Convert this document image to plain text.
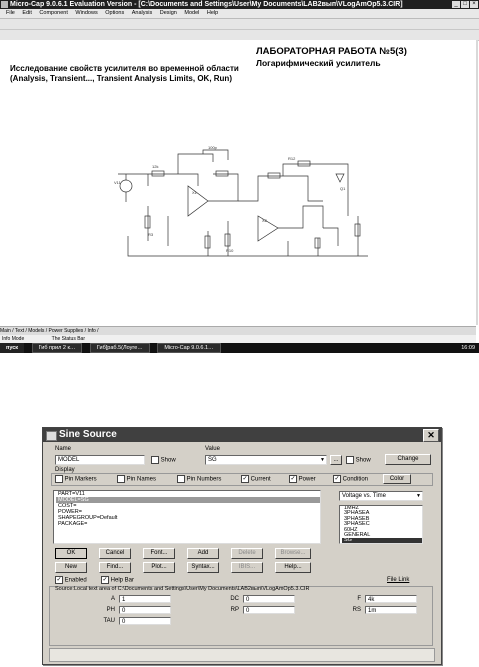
Micro-Cap 9.0.6.1 Evaluation Version - [C:\Documents and Settings\User\My Documents\LAB2вып\VLogAmOp5.3.CIR]	_ □ ×
File Edit Component Windows Options Analysis Design Model Help
ЛАБОРАТОРНАЯ РАБОТА №5(3)
Логарифмический усилитель
Исследование свойств усилителя во временной области (Analysis, Transient..., Transient Analysis Limits, OK, Run)
V11
12k
100p
X1
X2
R12
Q1
R3
R10
Main / Text / Models / Power Supplies / Info /
Info Mode	The Status Bar
пуск	Гиб прил 2 к…	Гиб[раб.5(Лоуге…	Micro-Cap 9.0.6.1…	16:09
Sine Source	✕
Name
MODEL	Show
Value
SG	▼	...	Show	Change
Display
Pin Markers	Pin Names	Pin Numbers	✓ Current	✓ Power	✓ Condition	Color
PART=V11
MODEL=SG
COST=
POWER=
SHAPEGROUP=Default
PACKAGE=
Voltage vs. Time	▼
1MHZ
3PHASEA
3PHASEB
3PHASEC
60HZ
GENERAL
SG
OK	Cancel	Font...	Add	Delete	Browse...
New	Find...	Plot...	Syntax...	IBIS...	Help...
✓ Enabled	✓ Help Bar	File Link
Source:Local text area of C:\Documents and Settings\User\My Documents\LAB2вып\VLogAmOp5.3.CIR
A	1	DC	0	F	4k
PH	0	RP	0	RS	1m
TAU	0
